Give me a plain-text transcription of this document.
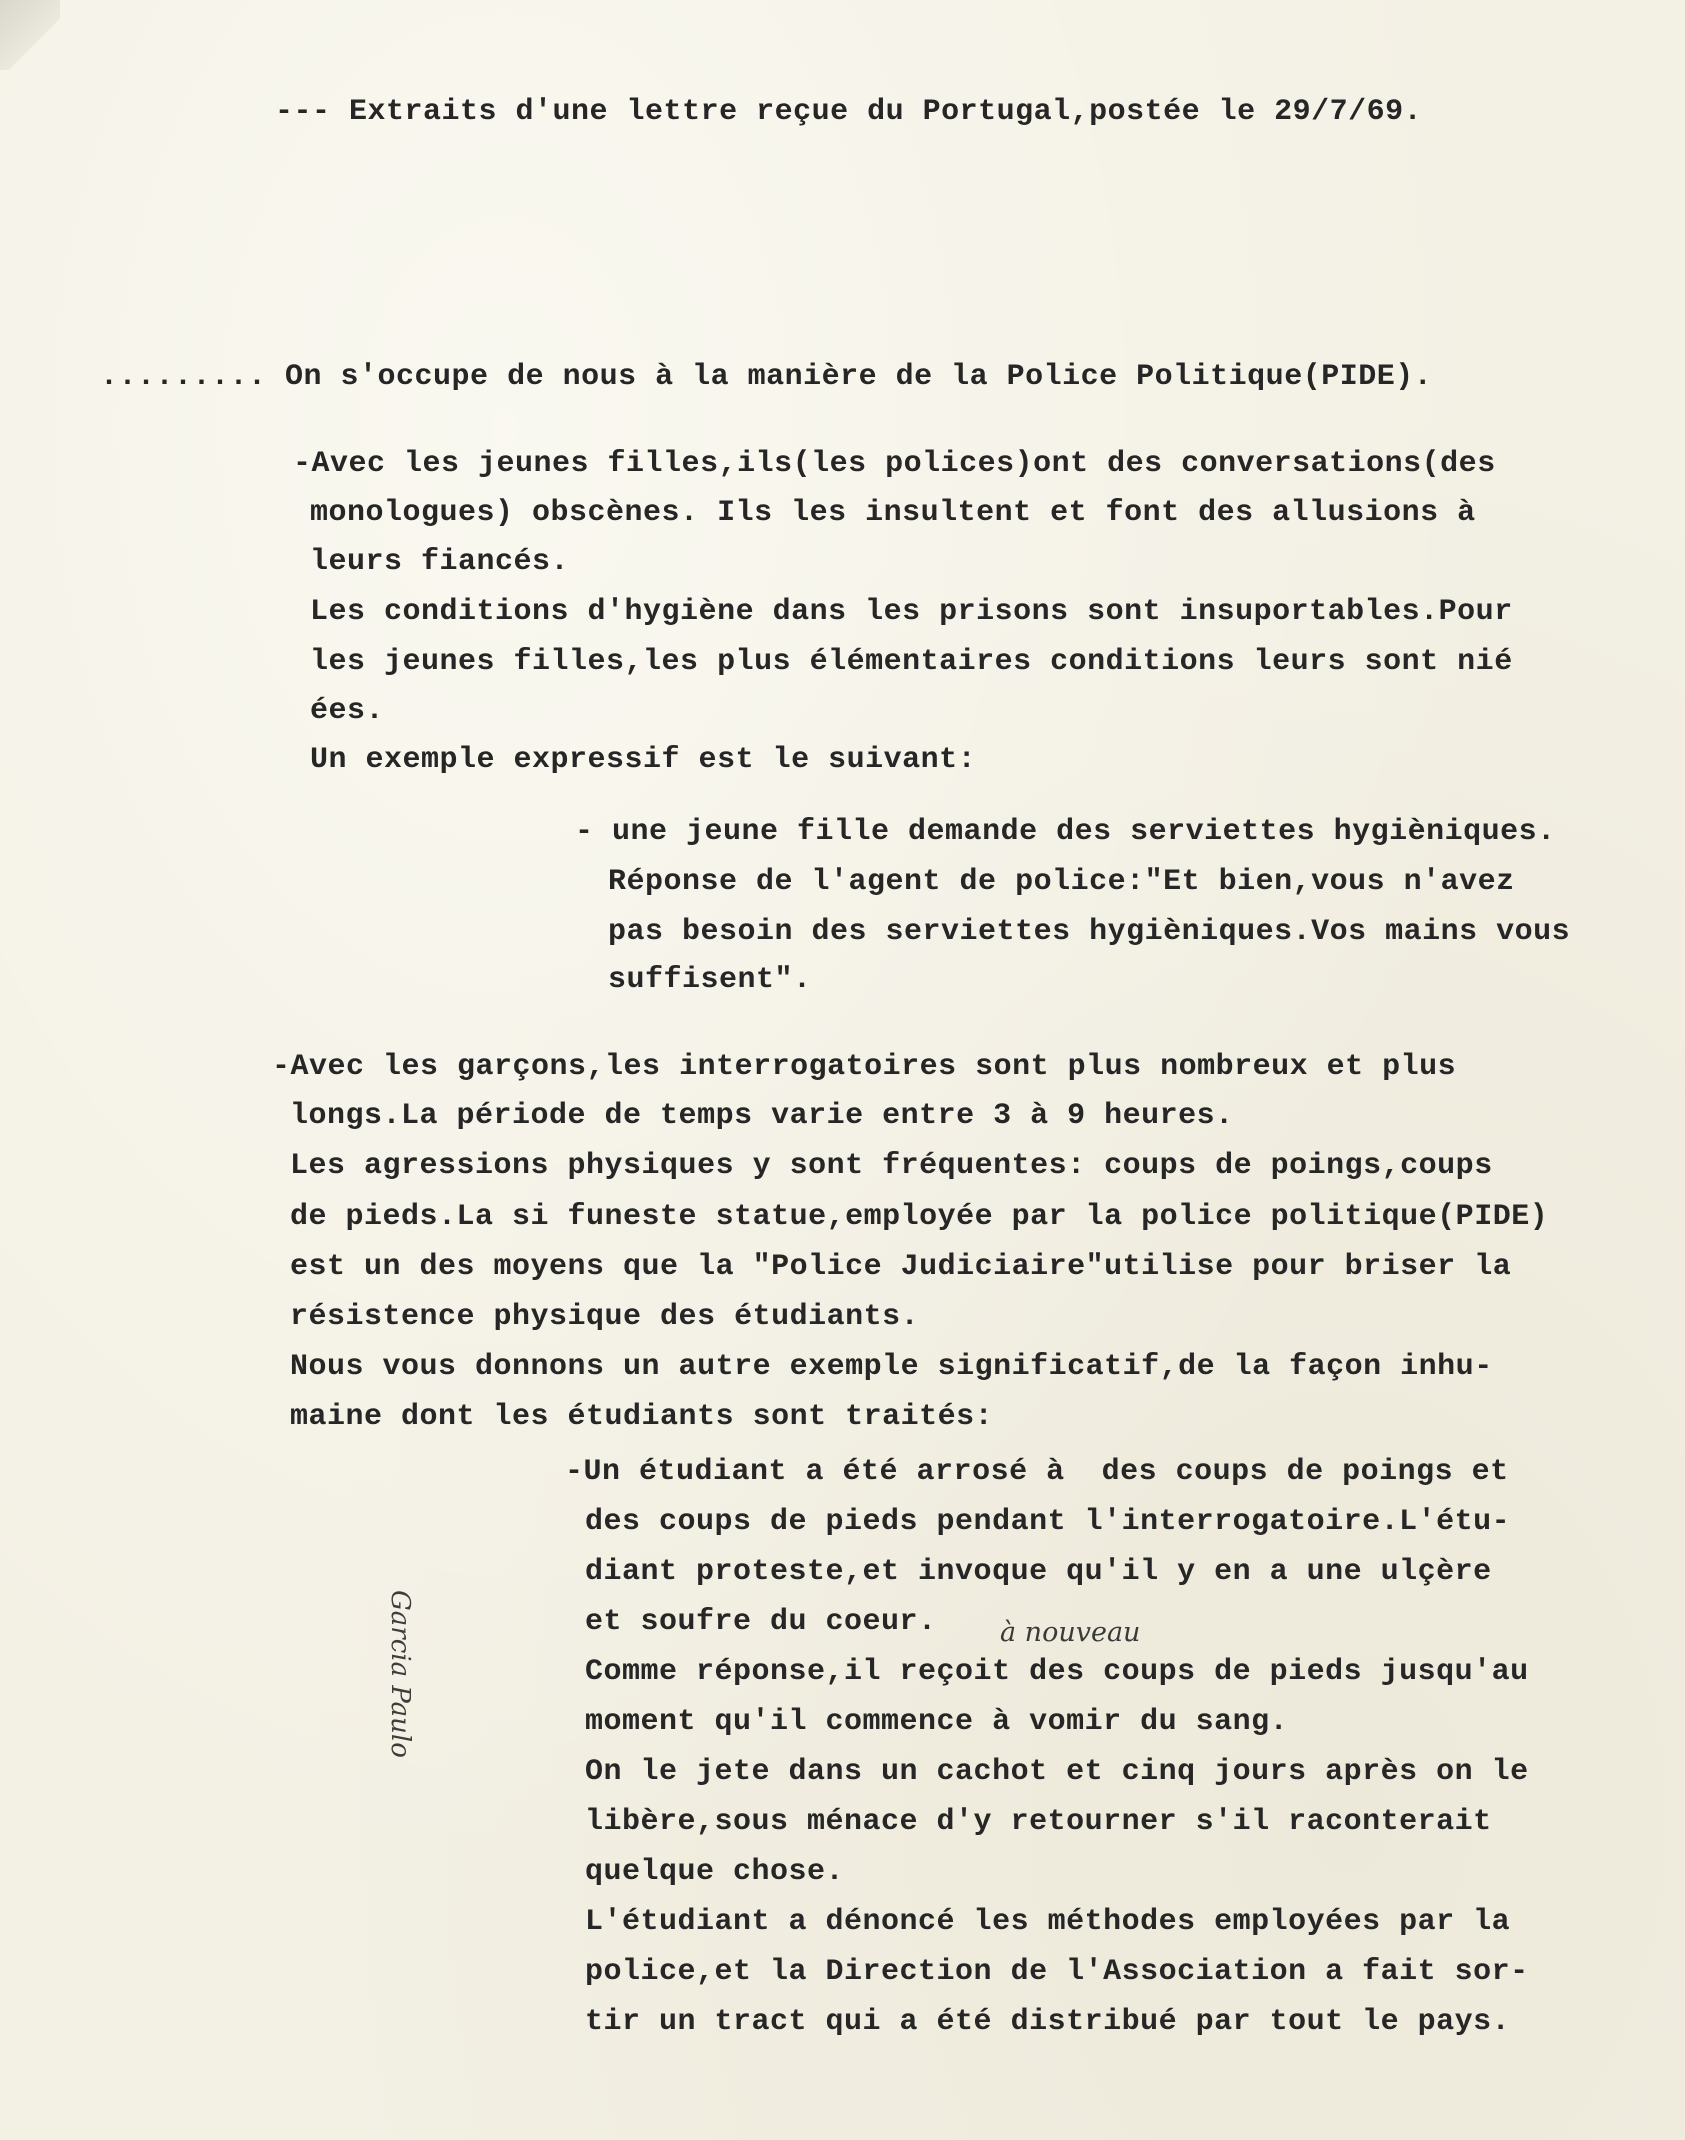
--- Extraits d'une lettre reçue du Portugal,postée le 29/7/69.
......... On s'occupe de nous à la manière de la Police Politique(PIDE).
-Avec les jeunes filles,ils(les polices)ont des conversations(des
monologues) obscènes. Ils les insultent et font des allusions à
leurs fiancés.
Les conditions d'hygiène dans les prisons sont insuportables.Pour
les jeunes filles,les plus élémentaires conditions leurs sont nié
ées.
Un exemple expressif est le suivant:
- une jeune fille demande des serviettes hygièniques.
Réponse de l'agent de police:"Et bien,vous n'avez
pas besoin des serviettes hygièniques.Vos mains vous
suffisent".
-Avec les garçons,les interrogatoires sont plus nombreux et plus
longs.La période de temps varie entre 3 à 9 heures.
Les agressions physiques y sont fréquentes: coups de poings,coups
de pieds.La si funeste statue,employée par la police politique(PIDE)
est un des moyens que la "Police Judiciaire"utilise pour briser la
résistence physique des étudiants.
Nous vous donnons un autre exemple significatif,de la façon inhu-
maine dont les étudiants sont traités:
-Un étudiant a été arrosé à  des coups de poings et
des coups de pieds pendant l'interrogatoire.L'étu-
diant proteste,et invoque qu'il y en a une ulçère
et soufre du coeur. à nouveau
Comme réponse,il reçoit des coups de pieds jusqu'au
moment qu'il commence à vomir du sang.
On le jete dans un cachot et cinq jours après on le
libère,sous ménace d'y retourner s'il raconterait
quelque chose.
L'étudiant a dénoncé les méthodes employées par la
police,et la Direction de l'Association a fait sor-
tir un tract qui a été distribué par tout le pays.
Garcia Paulo
